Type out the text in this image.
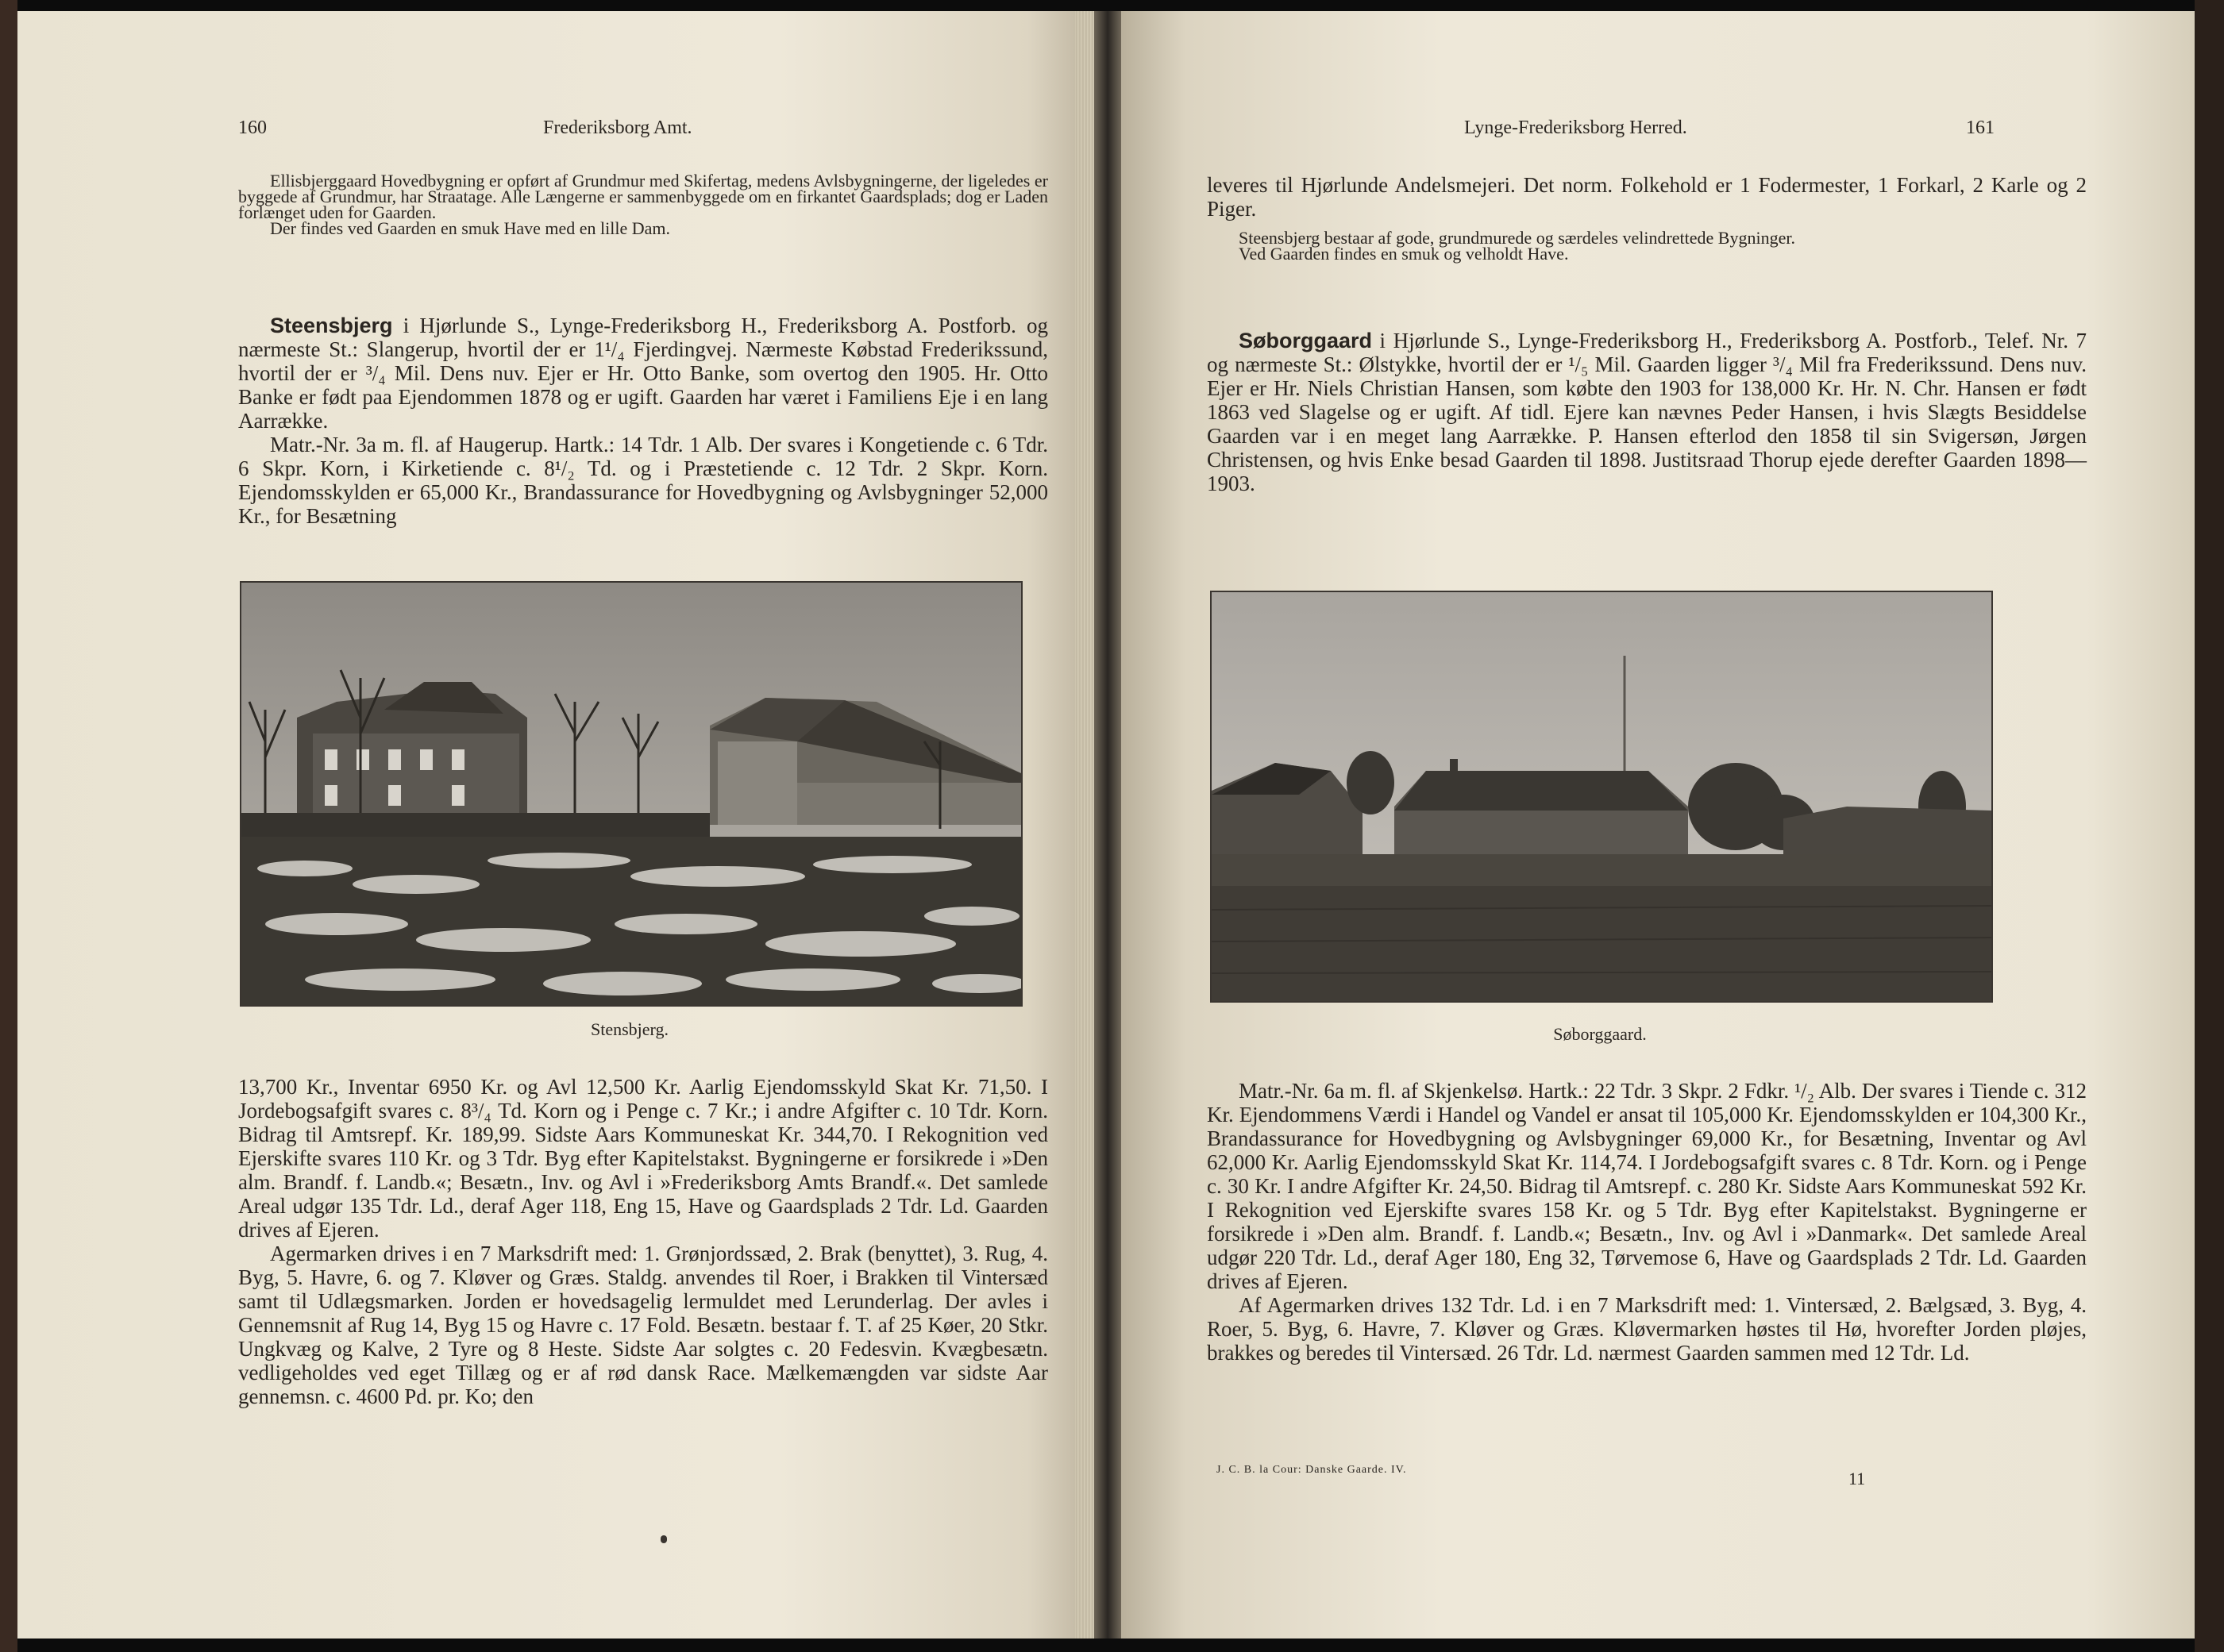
160	Frederiksborg Amt.

Ellisbjerggaard Hovedbygning er opført af Grundmur med Skifertag, medens Avlsbygningerne, der ligeledes er byggede af Grundmur, har Straatage. Alle Længerne er sammenbyggede om en firkantet Gaardsplads; dog er Laden forlænget uden for Gaarden.

Der findes ved Gaarden en smuk Have med en lille Dam.

Steensbjerg i Hjørlunde S., Lynge-Frederiksborg H., Frederiksborg A. Postforb. og nærmeste St.: Slangerup, hvortil der er 1¹/₄ Fjerdingvej. Nærmeste Købstad Frederikssund, hvortil der er ³/₄ Mil. Dens nuv. Ejer er Hr. Otto Banke, som overtog den 1905. Hr. Otto Banke er født paa Ejendommen 1878 og er ugift. Gaarden har været i Familiens Eje i en lang Aarrække.

Matr.-Nr. 3a m. fl. af Haugerup. Hartk.: 14 Tdr. 1 Alb. Der svares i Kongetiende c. 6 Tdr. 6 Skpr. Korn, i Kirketiende c. 8¹/₂ Td. og i Præstetiende c. 12 Tdr. 2 Skpr. Korn. Ejendomsskylden er 65,000 Kr., Brandassurance for Hovedbygning og Avlsbygninger 52,000 Kr., for Besætning

Stensbjerg.

13,700 Kr., Inventar 6950 Kr. og Avl 12,500 Kr. Aarlig Ejendomsskyld Skat Kr. 71,50. I Jordebogsafgift svares c. 8³/₄ Td. Korn og i Penge c. 7 Kr.; i andre Afgifter c. 10 Tdr. Korn. Bidrag til Amtsrepf. Kr. 189,99. Sidste Aars Kommuneskat Kr. 344,70. I Rekognition ved Ejerskifte svares 110 Kr. og 3 Tdr. Byg efter Kapitelstakst. Bygningerne er forsikrede i »Den alm. Brandf. f. Landb.«; Besætn., Inv. og Avl i »Frederiksborg Amts Brandf.«. Det samlede Areal udgør 135 Tdr. Ld., deraf Ager 118, Eng 15, Have og Gaardsplads 2 Tdr. Ld. Gaarden drives af Ejeren.

Agermarken drives i en 7 Marksdrift med: 1. Grønjordssæd, 2. Brak (benyttet), 3. Rug, 4. Byg, 5. Havre, 6. og 7. Kløver og Græs. Staldg. anvendes til Roer, i Brakken til Vintersæd samt til Udlægsmarken. Jorden er hovedsagelig lermuldet med Lerunderlag. Der avles i Gennemsnit af Rug 14, Byg 15 og Havre c. 17 Fold. Besætn. bestaar f. T. af 25 Køer, 20 Stkr. Ungkvæg og Kalve, 2 Tyre og 8 Heste. Sidste Aar solgtes c. 20 Fedesvin. Kvægbesætn. vedligeholdes ved eget Tillæg og er af rød dansk Race. Mælkemængden var sidste Aar gennemsn. c. 4600 Pd. pr. Ko; den

Lynge-Frederiksborg Herred.	161
leveres til Hjørlunde Andelsmejeri. Det norm. Folkehold er 1 Fodermester, 1 Forkarl, 2 Karle og 2 Piger.

Steensbjerg bestaar af gode, grundmurede og særdeles velindrettede Bygninger.

Ved Gaarden findes en smuk og velholdt Have.

Søborggaard i Hjørlunde S., Lynge-Frederiksborg H., Frederiksborg A. Postforb., Telef. Nr. 7 og nærmeste St.: Ølstykke, hvortil der er ¹/₅ Mil. Gaarden ligger ³/₄ Mil fra Frederikssund. Dens nuv. Ejer er Hr. Niels Christian Hansen, som købte den 1903 for 138,000 Kr. Hr. N. Chr. Hansen er født 1863 ved Slagelse og er ugift. Af tidl. Ejere kan nævnes Peder Hansen, i hvis Slægts Besiddelse Gaarden var i en meget lang Aarrække. P. Hansen efterlod den 1858 til sin Svigersøn, Jørgen Christensen, og hvis Enke besad Gaarden til 1898. Justitsraad Thorup ejede derefter Gaarden 1898—1903.

Søborggaard.

Matr.-Nr. 6a m. fl. af Skjenkelsø. Hartk.: 22 Tdr. 3 Skpr. 2 Fdkr. ¹/₂ Alb. Der svares i Tiende c. 312 Kr. Ejendommens Værdi i Handel og Vandel er ansat til 105,000 Kr. Ejendomsskylden er 104,300 Kr., Brandassurance for Hovedbygning og Avlsbygninger 69,000 Kr., for Besætning, Inventar og Avl 62,000 Kr. Aarlig Ejendomsskyld Skat Kr. 114,74. I Jordebogsafgift svares c. 8 Tdr. Korn. og i Penge c. 30 Kr. I andre Afgifter Kr. 24,50. Bidrag til Amtsrepf. c. 280 Kr. Sidste Aars Kommuneskat 592 Kr. I Rekognition ved Ejerskifte svares 158 Kr. og 5 Tdr. Byg efter Kapitelstakst. Bygningerne er forsikrede i »Den alm. Brandf. f. Landb.«; Besætn., Inv. og Avl i »Danmark«. Det samlede Areal udgør 220 Tdr. Ld., deraf Ager 180, Eng 32, Tørvemose 6, Have og Gaardsplads 2 Tdr. Ld. Gaarden drives af Ejeren.

Af Agermarken drives 132 Tdr. Ld. i en 7 Marksdrift med: 1. Vintersæd, 2. Bælgsæd, 3. Byg, 4. Roer, 5. Byg, 6. Havre, 7. Kløver og Græs. Kløvermarken høstes til Hø, hvorefter Jorden pløjes, brakkes og beredes til Vintersæd. 26 Tdr. Ld. nærmest Gaarden sammen med 12 Tdr. Ld.

J. C. B. la Cour: Danske Gaarde. IV.	11
